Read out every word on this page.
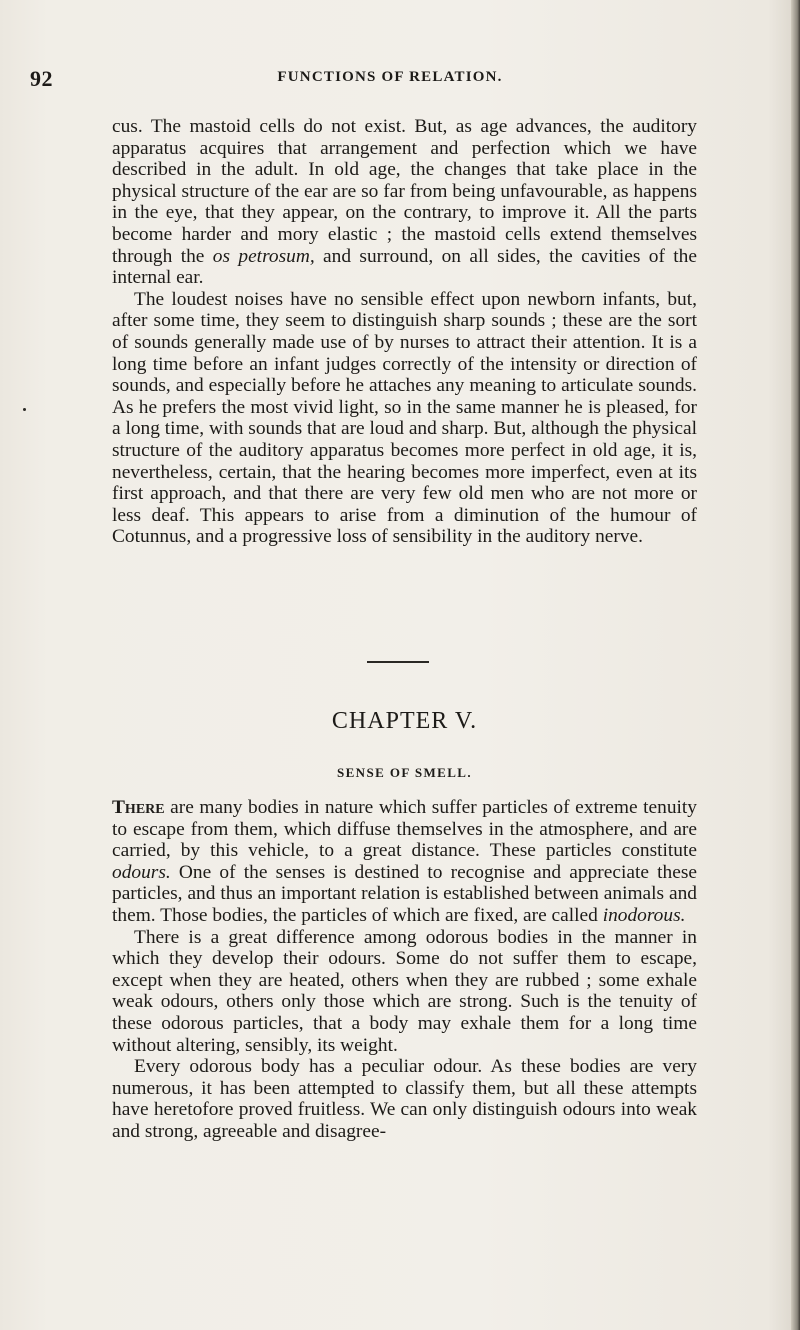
92	FUNCTIONS OF RELATION.

cus. The mastoid cells do not exist. But, as age advances, the auditory apparatus acquires that arrangement and perfection which we have described in the adult. In old age, the changes that take place in the physical structure of the ear are so far from being unfavourable, as happens in the eye, that they appear, on the contrary, to improve it. All the parts become harder and mory elastic ; the mastoid cells extend themselves through the os petrosum, and surround, on all sides, the cavities of the internal ear.

The loudest noises have no sensible effect upon newborn infants, but, after some time, they seem to distinguish sharp sounds ; these are the sort of sounds generally made use of by nurses to attract their attention. It is a long time before an infant judges correctly of the intensity or direction of sounds, and especially before he attaches any meaning to articulate sounds. As he prefers the most vivid light, so in the same manner he is pleased, for a long time, with sounds that are loud and sharp. But, although the physical structure of the auditory apparatus becomes more perfect in old age, it is, nevertheless, certain, that the hearing becomes more imperfect, even at its first approach, and that there are very few old men who are not more or less deaf. This appears to arise from a diminution of the humour of Cotunnus, and a progressive loss of sensibility in the auditory nerve.

CHAPTER V.
SENSE OF SMELL.

There are many bodies in nature which suffer particles of extreme tenuity to escape from them, which diffuse themselves in the atmosphere, and are carried, by this vehicle, to a great distance. These particles constitute odours. One of the senses is destined to recognise and appreciate these particles, and thus an important relation is established between animals and them. Those bodies, the particles of which are fixed, are called inodorous.

There is a great difference among odorous bodies in the manner in which they develop their odours. Some do not suffer them to escape, except when they are heated, others when they are rubbed ; some exhale weak odours, others only those which are strong. Such is the tenuity of these odorous particles, that a body may exhale them for a long time without altering, sensibly, its weight.

Every odorous body has a peculiar odour. As these bodies are very numerous, it has been attempted to classify them, but all these attempts have heretofore proved fruitless. We can only distinguish odours into weak and strong, agreeable and disagree-
